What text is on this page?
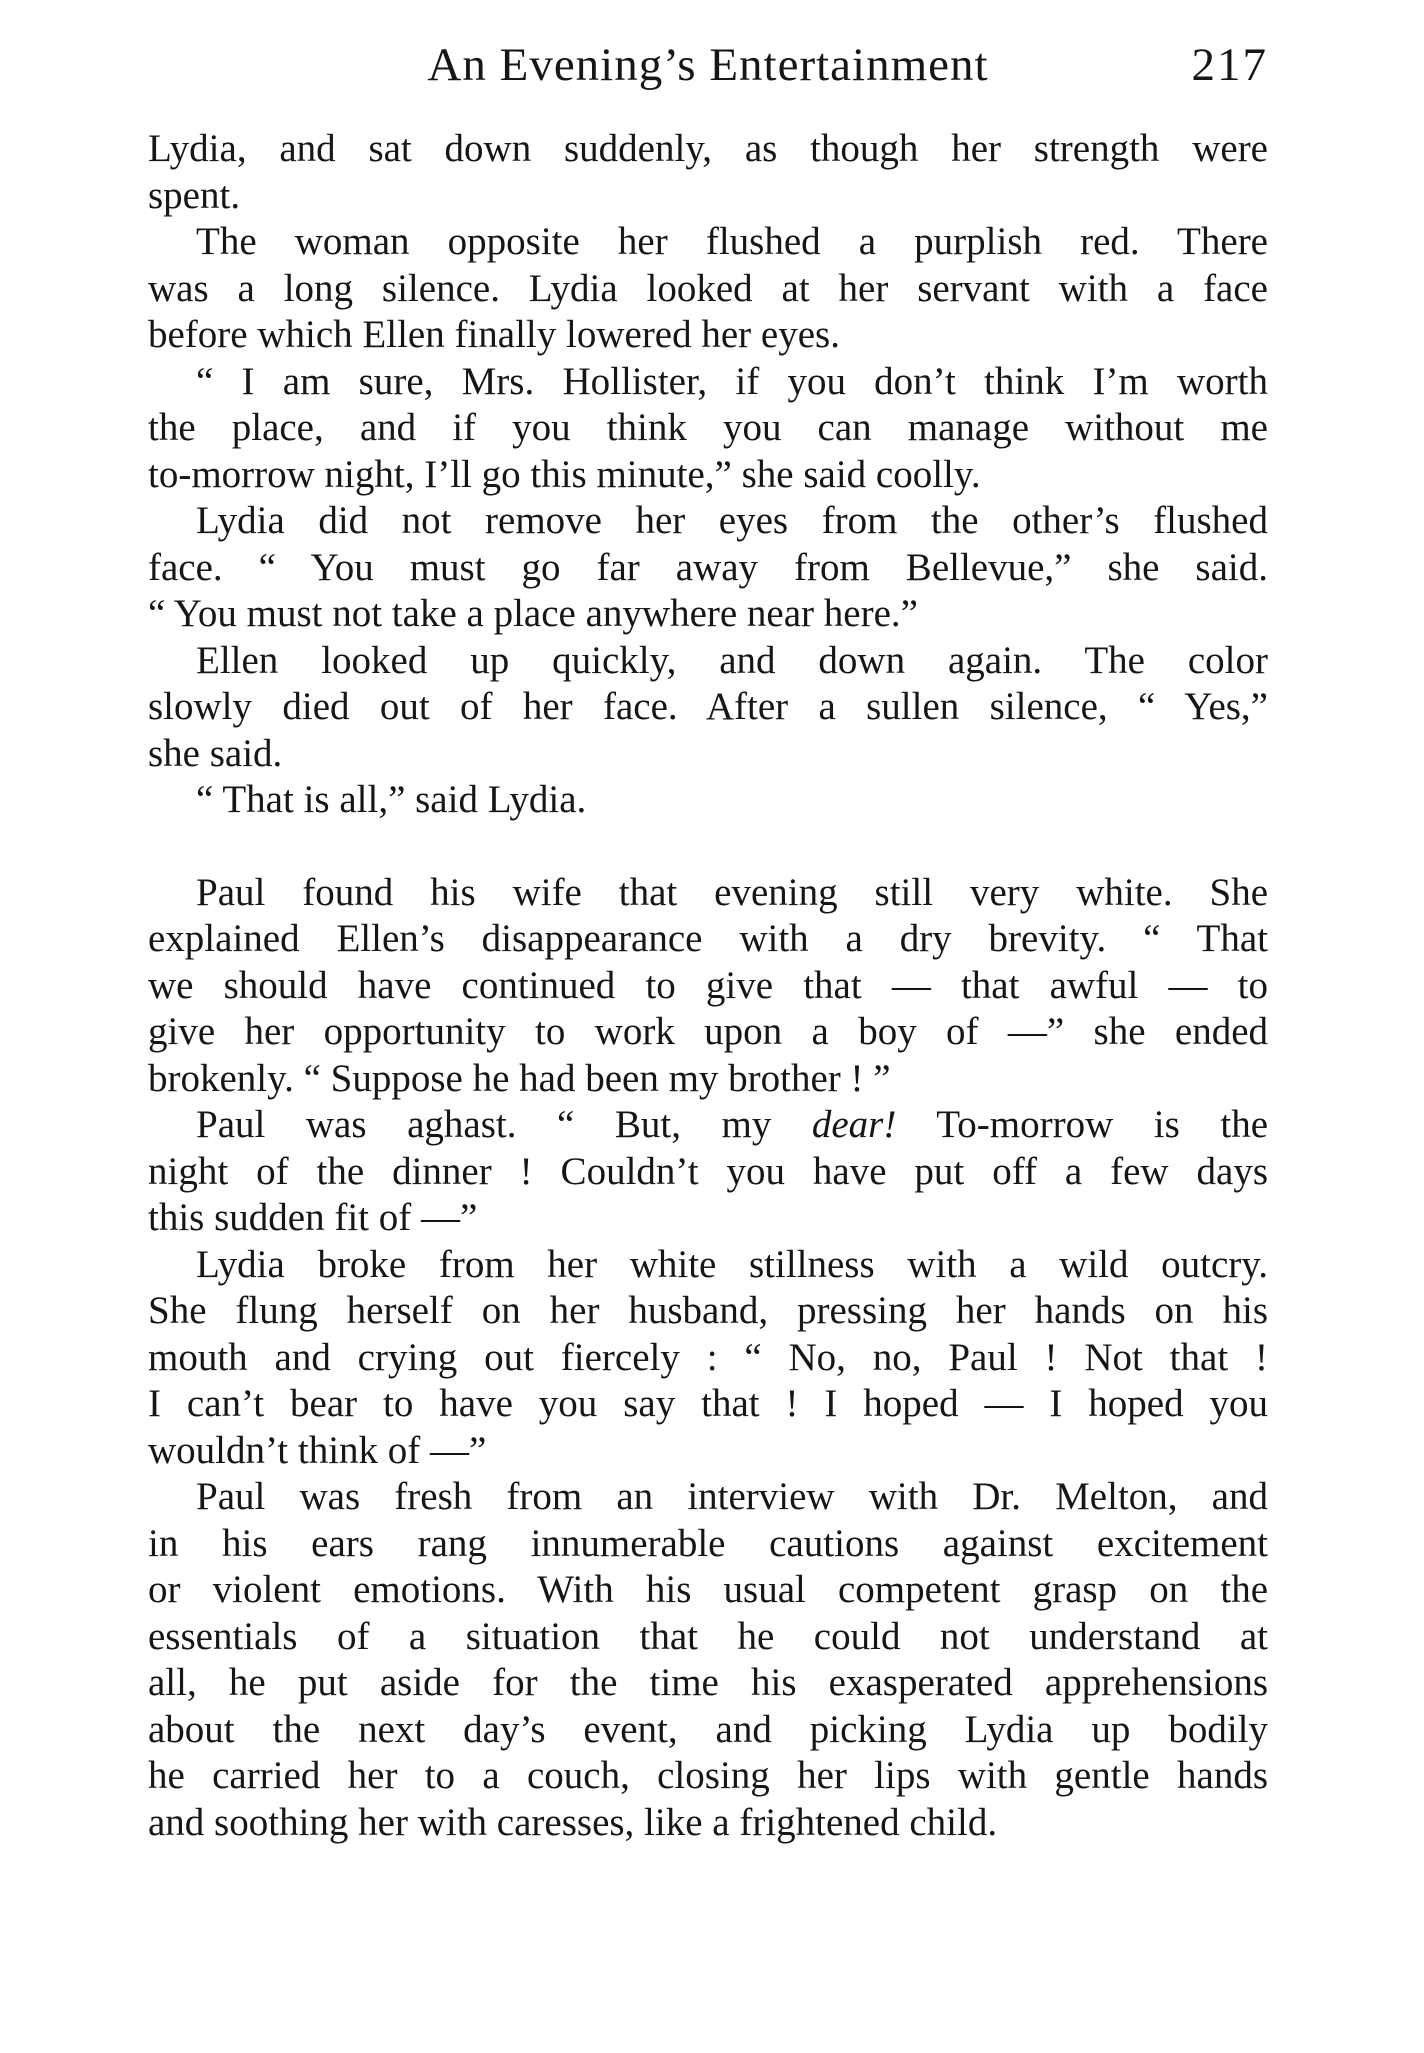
An Evening’s Entertainment	217
Lydia, and sat down suddenly, as though her strength were
spent.
The woman opposite her flushed a purplish red. There
was a long silence. Lydia looked at her servant with a face
before which Ellen finally lowered her eyes.
“ I am sure, Mrs. Hollister, if you don’t think I’m worth
the place, and if you think you can manage without me
to-morrow night, I’ll go this minute,” she said coolly.
Lydia did not remove her eyes from the other’s flushed
face. “ You must go far away from Bellevue,” she said.
“ You must not take a place anywhere near here.”
Ellen looked up quickly, and down again. The color
slowly died out of her face. After a sullen silence, “ Yes,”
she said.
“ That is all,” said Lydia.
Paul found his wife that evening still very white. She
explained Ellen’s disappearance with a dry brevity. “ That
we should have continued to give that — that awful — to
give her opportunity to work upon a boy of —” she ended
brokenly. “ Suppose he had been my brother ! ”
Paul was aghast. “ But, my dear! To-morrow is the
night of the dinner ! Couldn’t you have put off a few days
this sudden fit of —”
Lydia broke from her white stillness with a wild outcry.
She flung herself on her husband, pressing her hands on his
mouth and crying out fiercely : “ No, no, Paul ! Not that !
I can’t bear to have you say that ! I hoped — I hoped you
wouldn’t think of —”
Paul was fresh from an interview with Dr. Melton, and
in his ears rang innumerable cautions against excitement
or violent emotions. With his usual competent grasp on the
essentials of a situation that he could not understand at
all, he put aside for the time his exasperated apprehensions
about the next day’s event, and picking Lydia up bodily
he carried her to a couch, closing her lips with gentle hands
and soothing her with caresses, like a frightened child.
